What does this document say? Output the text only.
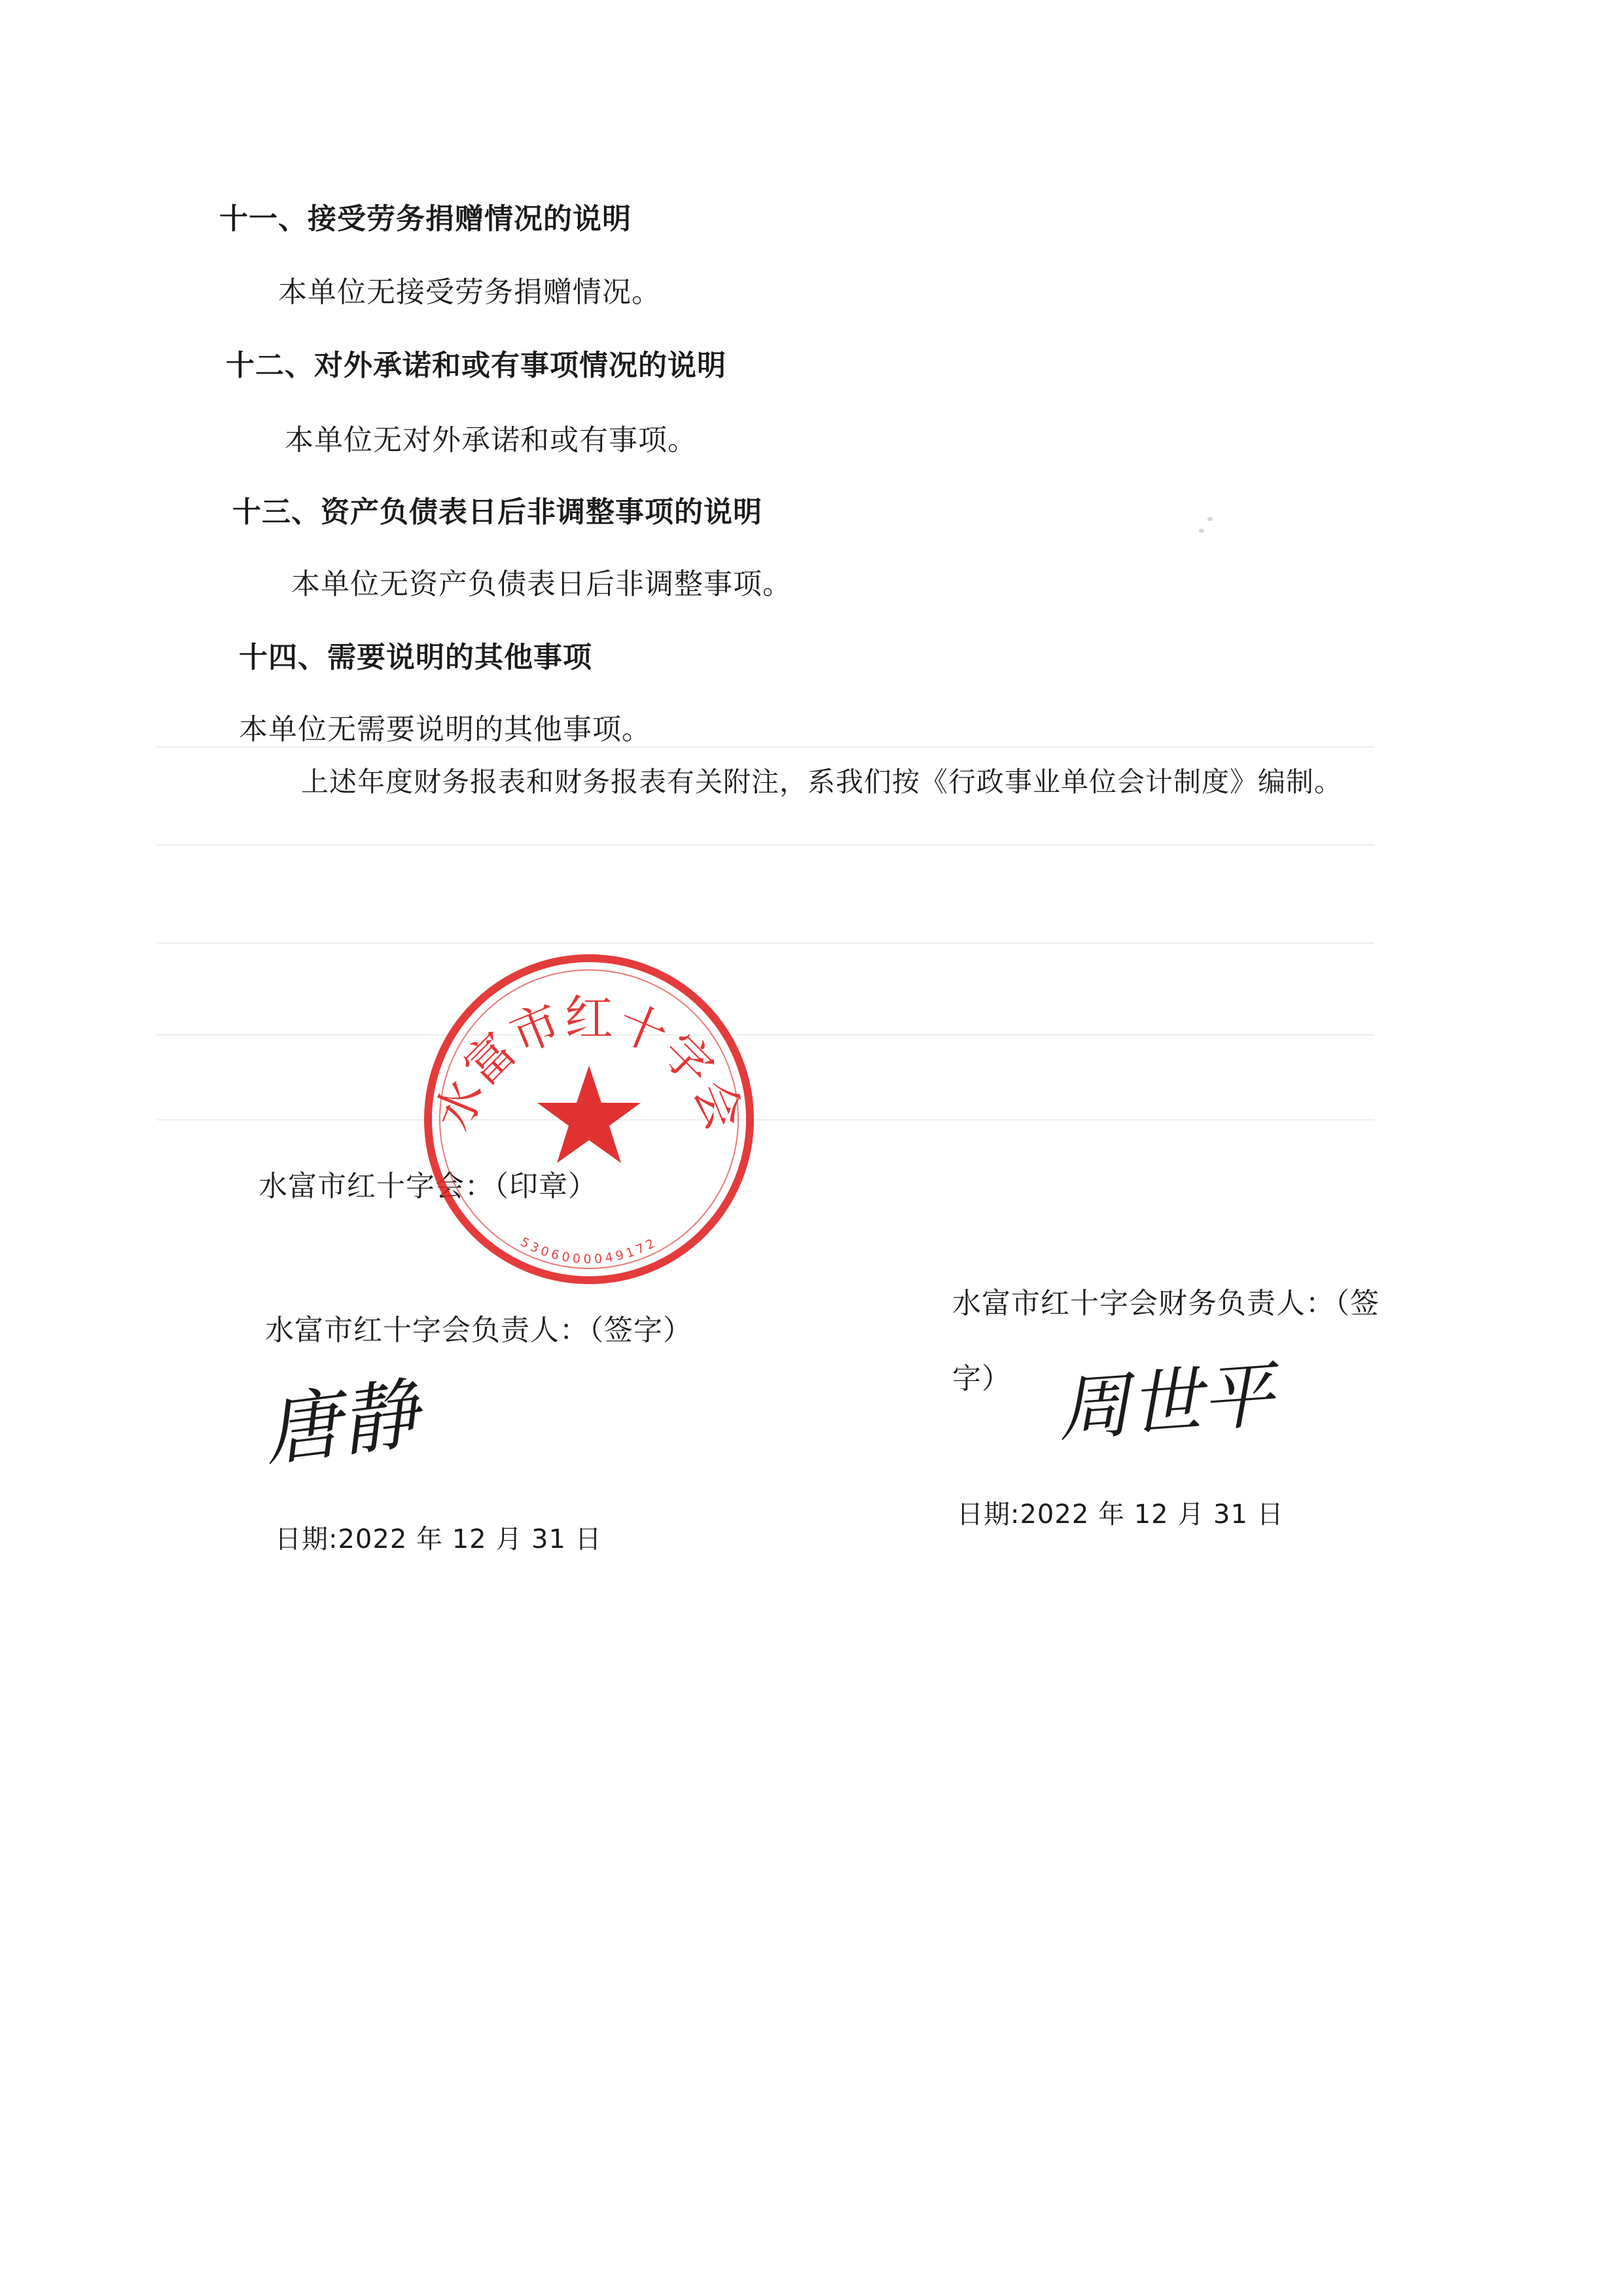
十一、接受劳务捐赠情况的说明
本单位无接受劳务捐赠情况。
十二、对外承诺和或有事项情况的说明
本单位无对外承诺和或有事项。
十三、资产负债表日后非调整事项的说明
本单位无资产负债表日后非调整事项。
十四、需要说明的其他事项
本单位无需要说明的其他事项。
上述年度财务报表和财务报表有关附注，系我们按《行政事业单位会计制度》编制。
水富市红十字会：（印章）
水富市红十字会
5306000049172
水富市红十字会负责人：（签字）
唐静
日期:2022 年 12 月 31 日
水富市红十字会财务负责人：（签
字） 周世平
日期:2022 年 12 月 31 日
